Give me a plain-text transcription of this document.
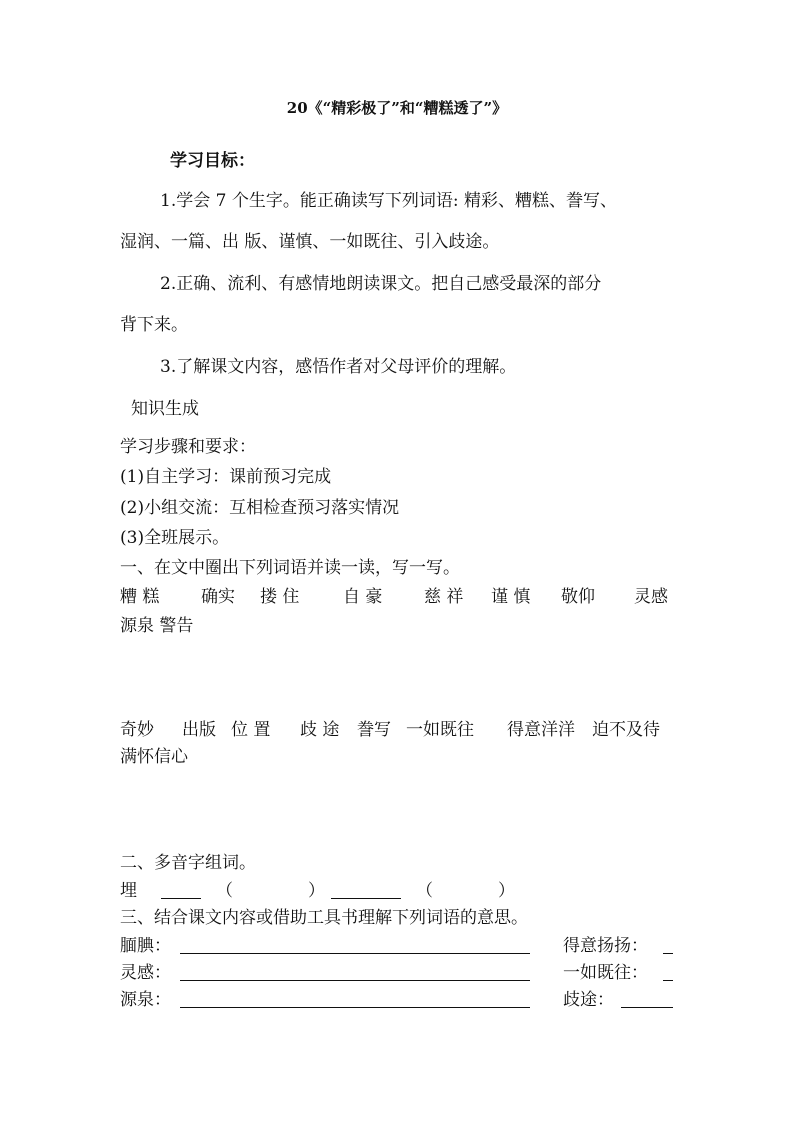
20《“精彩极了”和“糟糕透了”》
学习目标：
1.学会 7 个生字。能正确读写下列词语: 精彩、糟糕、誊写、
湿润、一篇、出 版、谨慎、一如既往、引入歧途。
2.正确、流利、有感情地朗读课文。把自己感受最深的部分
背下来。
3.了解课文内容，感悟作者对父母评价的理解。
知识生成
学习步骤和要求：
(1)自主学习：课前预习完成
(2)小组交流：互相检查预习落实情况
(3)全班展示。
一、在文中圈出下列词语并读一读，写一写。
糟 糕 确实 搂 住	自 豪 慈 祥 谨 慎 敬仰 灵感
源泉 警告
奇妙 出版 位 置 歧 途 誊写 一如既往 得意洋洋 迫不及待
满怀信心
二、多音字组词。
埋	（	）	（	）
三、结合课文内容或借助工具书理解下列词语的意思。
腼腆：	得意扬扬：
灵感：	一如既往：
源泉：	歧途：
